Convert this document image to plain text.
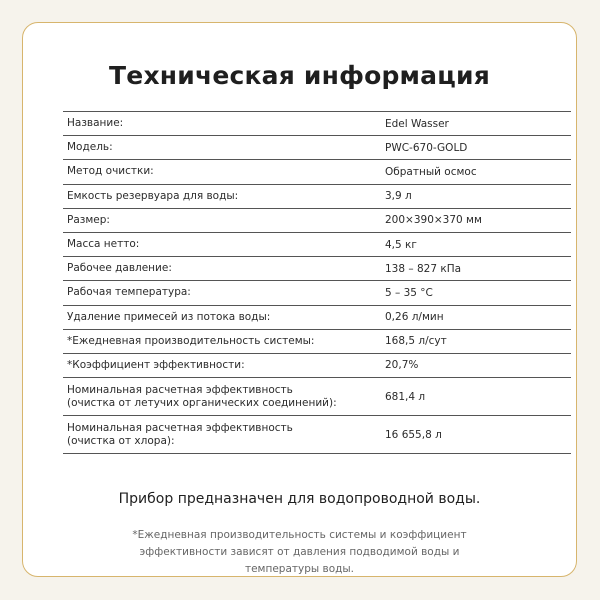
Техническая информация
Название:	Edel Wasser
Модель:	PWC-670-GOLD
Метод очистки:	Обратный осмос
Емкость резервуара для воды:	3,9 л
Размер:	200×390×370 мм
Масса нетто:	4,5 кг
Рабочее давление:	138 – 827 кПа
Рабочая температура:	5 – 35 °С
Удаление примесей из потока воды:	0,26 л/мин
*Ежедневная производительность системы:	168,5 л/сут
*Коэффициент эффективности:	20,7%
Номинальная расчетная эффективность
(очистка от летучих органических соединений):	681,4 л
Номинальная расчетная эффективность
(очистка от хлора):	16 655,8 л
Прибор предназначен для водопроводной воды.
*Ежедневная производительность системы и коэффициент эффективности зависят от давления подводимой воды и температуры воды.
